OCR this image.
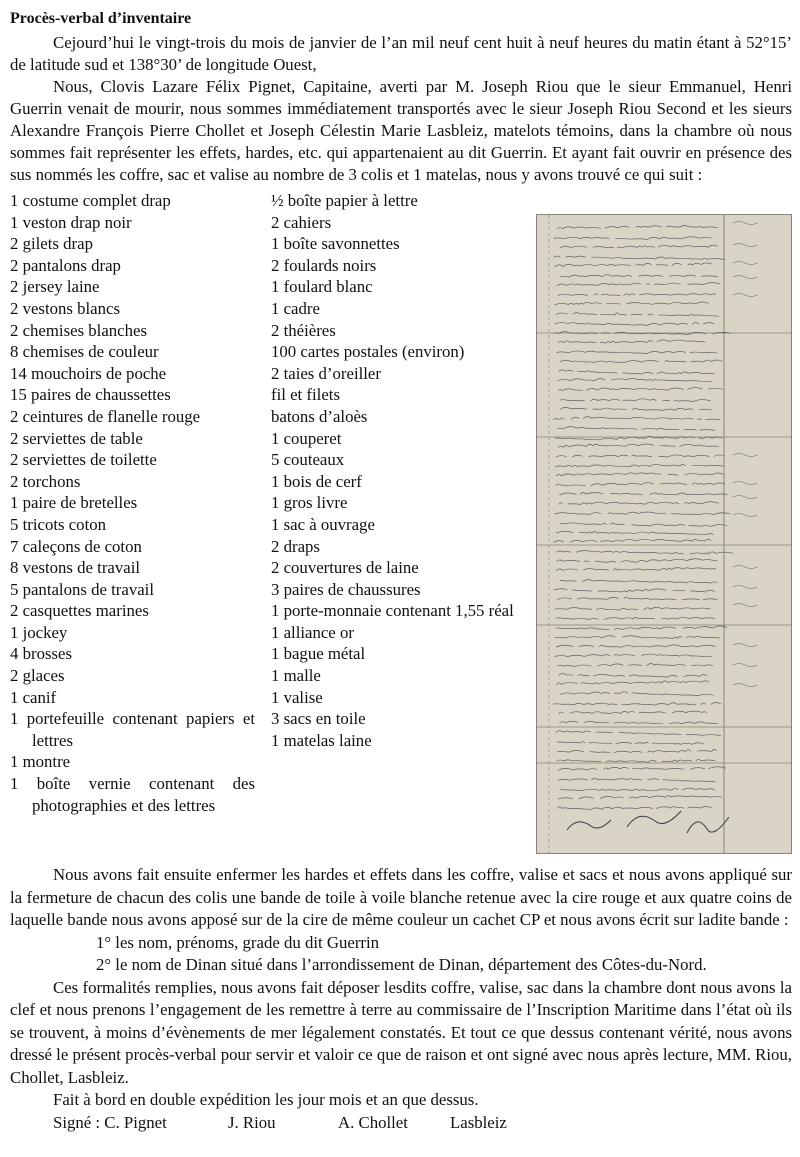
Procès-verbal d’inventaire

Cejourd’hui le vingt-trois du mois de janvier de l’an mil neuf cent huit à neuf heures du matin étant à 52°15’ de latitude sud et 138°30’ de longitude Ouest,

Nous, Clovis Lazare Félix Pignet, Capitaine, averti par M. Joseph Riou que le sieur Emmanuel, Henri Guerrin venait de mourir, nous sommes immédiatement transportés avec le sieur Joseph Riou Second et les sieurs Alexandre François Pierre Chollet et Joseph Célestin Marie Lasbleiz, matelots témoins, dans la chambre où nous sommes fait représenter les effets, hardes, etc. qui appartenaient au dit Guerrin. Et ayant fait ouvrir en présence des sus nommés les coffre, sac et valise au nombre de 3 colis et 1 matelas, nous y avons trouvé ce qui suit :

1 costume complet drap
1 veston drap noir
2 gilets drap
2 pantalons drap
2 jersey laine
2 vestons blancs
2 chemises blanches
8 chemises de couleur
14 mouchoirs de poche
15 paires de chaussettes
2 ceintures de flanelle rouge
2 serviettes de table
2 serviettes de toilette
2 torchons
1 paire de bretelles
5 tricots coton
7 caleçons de coton
8 vestons de travail
5 pantalons de travail
2 casquettes marines
1 jockey
4 brosses
2 glaces
1 canif
1 portefeuille contenant papiers et lettres
1 montre
1 boîte vernie contenant des photographies et des lettres
½ boîte papier à lettre
2 cahiers
1 boîte savonnettes
2 foulards noirs
1 foulard blanc
1 cadre
2 théières
100 cartes postales (environ)
2 taies d’oreiller
fil et filets
batons d’aloès
1 couperet
5 couteaux
1 bois de cerf
1 gros livre
1 sac à ouvrage
2 draps
2 couvertures de laine
3 paires de chaussures
1 porte-monnaie contenant 1,55 réal
1 alliance or
1 bague métal
1 malle
1 valise
3 sacs en toile
1 matelas laine

Nous avons fait ensuite enfermer les hardes et effets dans les coffre, valise et sacs et nous avons appliqué sur la fermeture de chacun des colis une bande de toile à voile blanche retenue avec la cire rouge et aux quatre coins de laquelle bande nous avons apposé sur de la cire de même couleur un cachet CP et nous avons écrit sur ladite bande :

1° les nom, prénoms, grade du dit Guerrin

2° le nom de Dinan situé dans l’arrondissement de Dinan, département des Côtes-du-Nord.

Ces formalités remplies, nous avons fait déposer lesdits coffre, valise, sac dans la chambre dont nous avons la clef et nous prenons l’engagement de les remettre à terre au commissaire de l’Inscription Maritime dans l’état où ils se trouvent, à moins d’évènements de mer légalement constatés. Et tout ce que dessus contenant vérité, nous avons dressé le présent procès-verbal pour servir et valoir ce que de raison et ont signé avec nous après lecture, MM. Riou, Chollet, Lasbleiz.

Fait à bord en double expédition les jour mois et an que dessus.

Signé : C. Pignet	J. Riou	A. Chollet	Lasbleiz
